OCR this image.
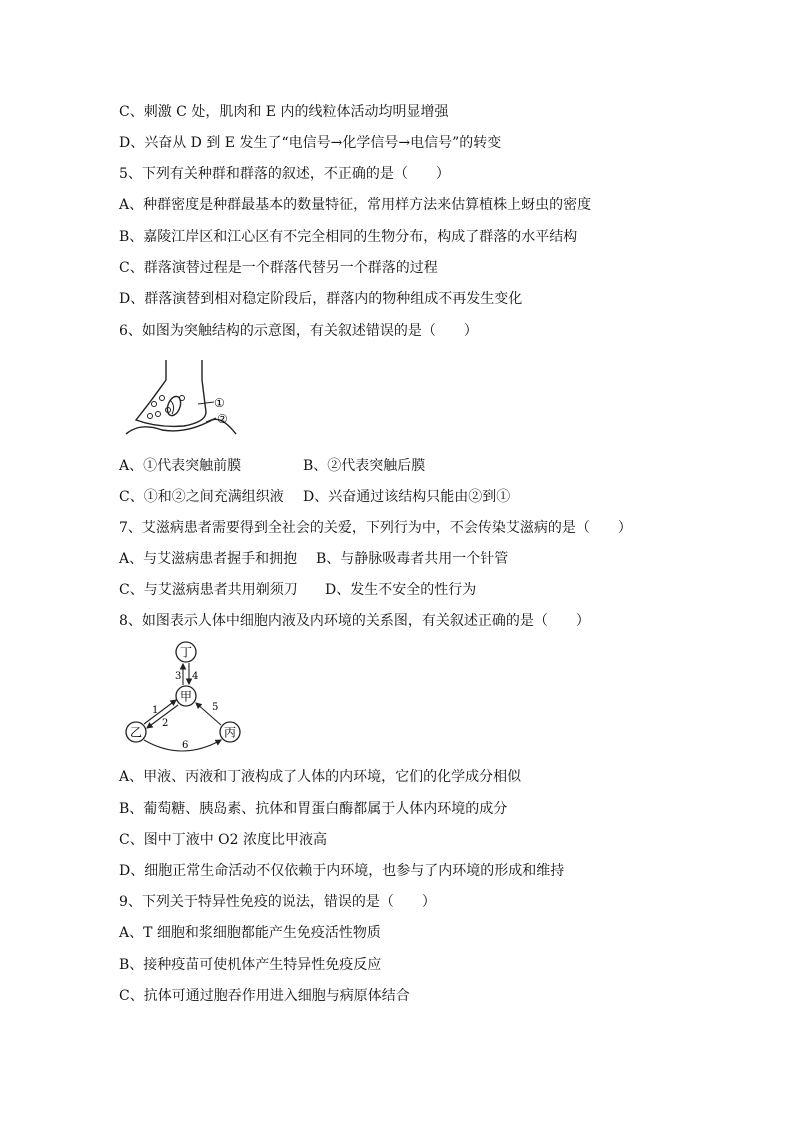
C、刺激 C 处，肌肉和 E 内的线粒体活动均明显增强
D、兴奋从 D 到 E 发生了“电信号→化学信号→电信号”的转变
5、下列有关种群和群落的叙述，不正确的是（　　）
A、种群密度是种群最基本的数量特征，常用样方法来估算植株上蚜虫的密度
B、嘉陵江岸区和江心区有不完全相同的生物分布，构成了群落的水平结构
C、群落演替过程是一个群落代替另一个群落的过程
D、群落演替到相对稳定阶段后，群落内的物种组成不再发生变化
6、如图为突触结构的示意图，有关叙述错误的是（　　）
①
②
A、①代表突触前膜	B、②代表突触后膜
C、①和②之间充满组织液 D、兴奋通过该结构只能由②到①
7、艾滋病患者需要得到全社会的关爱，下列行为中，不会传染艾滋病的是（　　）
A、与艾滋病患者握手和拥抱 B、与静脉吸毒者共用一个针管
C、与艾滋病患者共用剃须刀 D、发生不安全的性行为
8、如图表示人体中细胞内液及内环境的关系图，有关叙述正确的是（　　）
丁
甲
乙	丙
3 4
1
2
5
6
A、甲液、丙液和丁液构成了人体的内环境，它们的化学成分相似
B、葡萄糖、胰岛素、抗体和胃蛋白酶都属于人体内环境的成分
C、图中丁液中 O2 浓度比甲液高
D、细胞正常生命活动不仅依赖于内环境，也参与了内环境的形成和维持
9、下列关于特异性免疫的说法，错误的是（　　）
A、T 细胞和浆细胞都能产生免疫活性物质
B、接种疫苗可使机体产生特异性免疫反应
C、抗体可通过胞吞作用进入细胞与病原体结合
